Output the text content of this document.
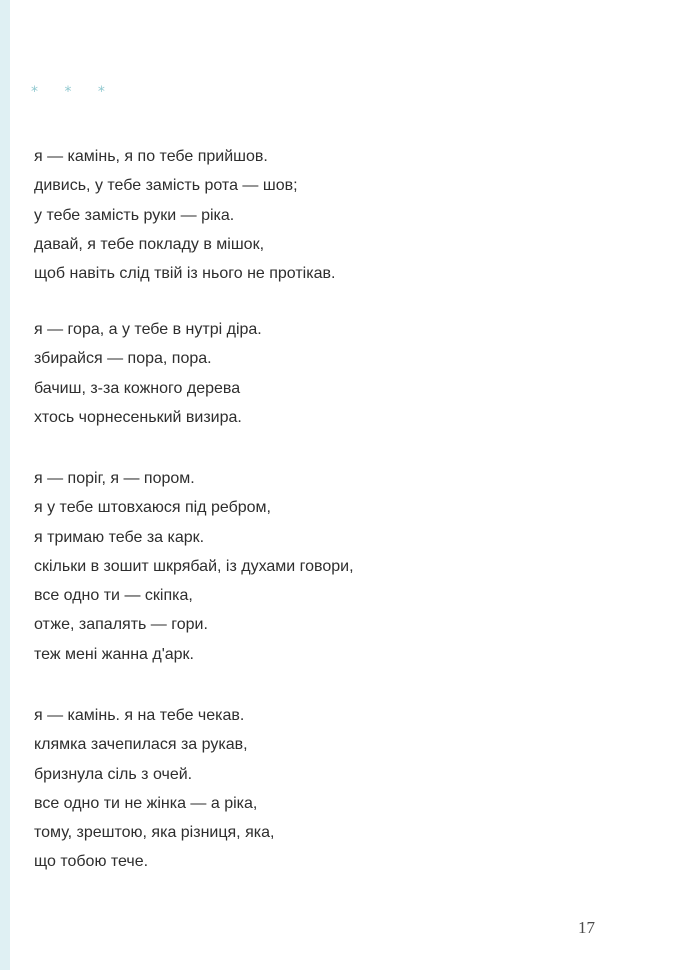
* * *
я — камінь, я по тебе прийшов.
дивись, у тебе замість рота — шов;
у тебе замість руки — ріка.
давай, я тебе покладу в мішок,
щоб навіть слід твій із нього не протікав.
я — гора, а у тебе в нутрі діра.
збирайся — пора, пора.
бачиш, з-за кожного дерева
хтось чорнесенький визира.
я — поріг, я — пором.
я у тебе штовхаюся під ребром,
я тримаю тебе за карк.
скільки в зошит шкрябай, із духами говори,
все одно ти — скіпка,
отже, запалять — гори.
теж мені жанна д'арк.
я — камінь. я на тебе чекав.
клямка зачепилася за рукав,
бризнула сіль з очей.
все одно ти не жінка — а ріка,
тому, зрештою, яка різниця, яка,
що тобою тече.
17
